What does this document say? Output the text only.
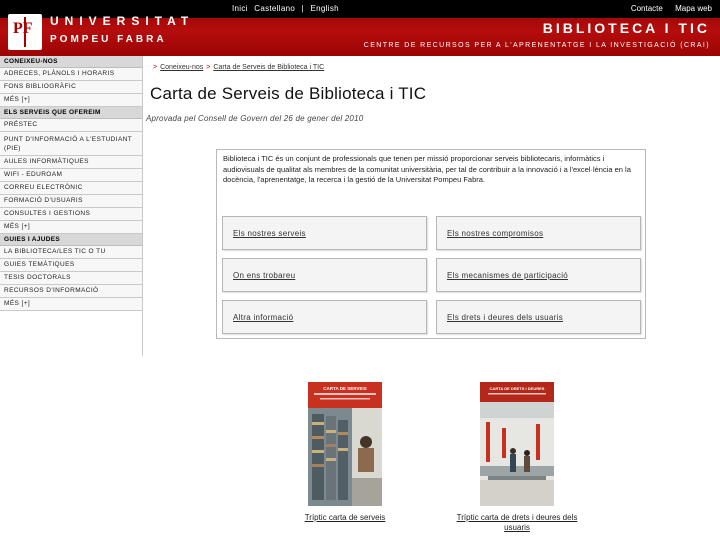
Inici Castellano | English	Contacte Mapa web
PF UNIVERSITAT
POMPEU FABRA
BIBLIOTECA I TIC
CENTRE DE RECURSOS PER A L'APRENENTATGE I LA INVESTIGACIÓ (CRAI)
CONEIXEU-NOS
ADRECES, PLÀNOLS I HORARIS
FONS BIBLIOGRÀFIC
MÉS [+]
ELS SERVEIS QUE OFEREIM
PRÉSTEC
PUNT D'INFORMACIÓ A L'ESTUDIANT (PIE)
AULES INFORMÀTIQUES
WIFI - EDUROAM
CORREU ELECTRÒNIC
FORMACIÓ D'USUARIS
CONSULTES I GESTIONS
MÉS [+]
GUIES I AJUDES
LA BIBLIOTECA/LES TIC O TU
GUIES TEMÀTIQUES
TESIS DOCTORALS
RECURSOS D'INFORMACIÓ
MÉS [+]
> Coneixeu-nos > Carta de Serveis de Biblioteca i TIC
Carta de Serveis de Biblioteca i TIC
Aprovada pel Consell de Govern del 26 de gener del 2010
Biblioteca i TIC és un conjunt de professionals que tenen per missió proporcionar serveis bibliotecaris, informàtics i audiovisuals de qualitat als membres de la comunitat universitària, per tal de contribuir a la innovació i a l'excel·lència en la docència, l'aprenentatge, la recerca i la gestió de la Universitat Pompeu Fabra.
Els nostres serveis	Els nostres compromisos
On ens trobareu	Els mecanismes de participació
Altra informació	Els drets i deures dels usuaris
CARTA DE SERVEIS
Tríptic carta de serveis
CARTA DE DRETS I DEURES
Tríptic carta de drets i deures dels usuaris
